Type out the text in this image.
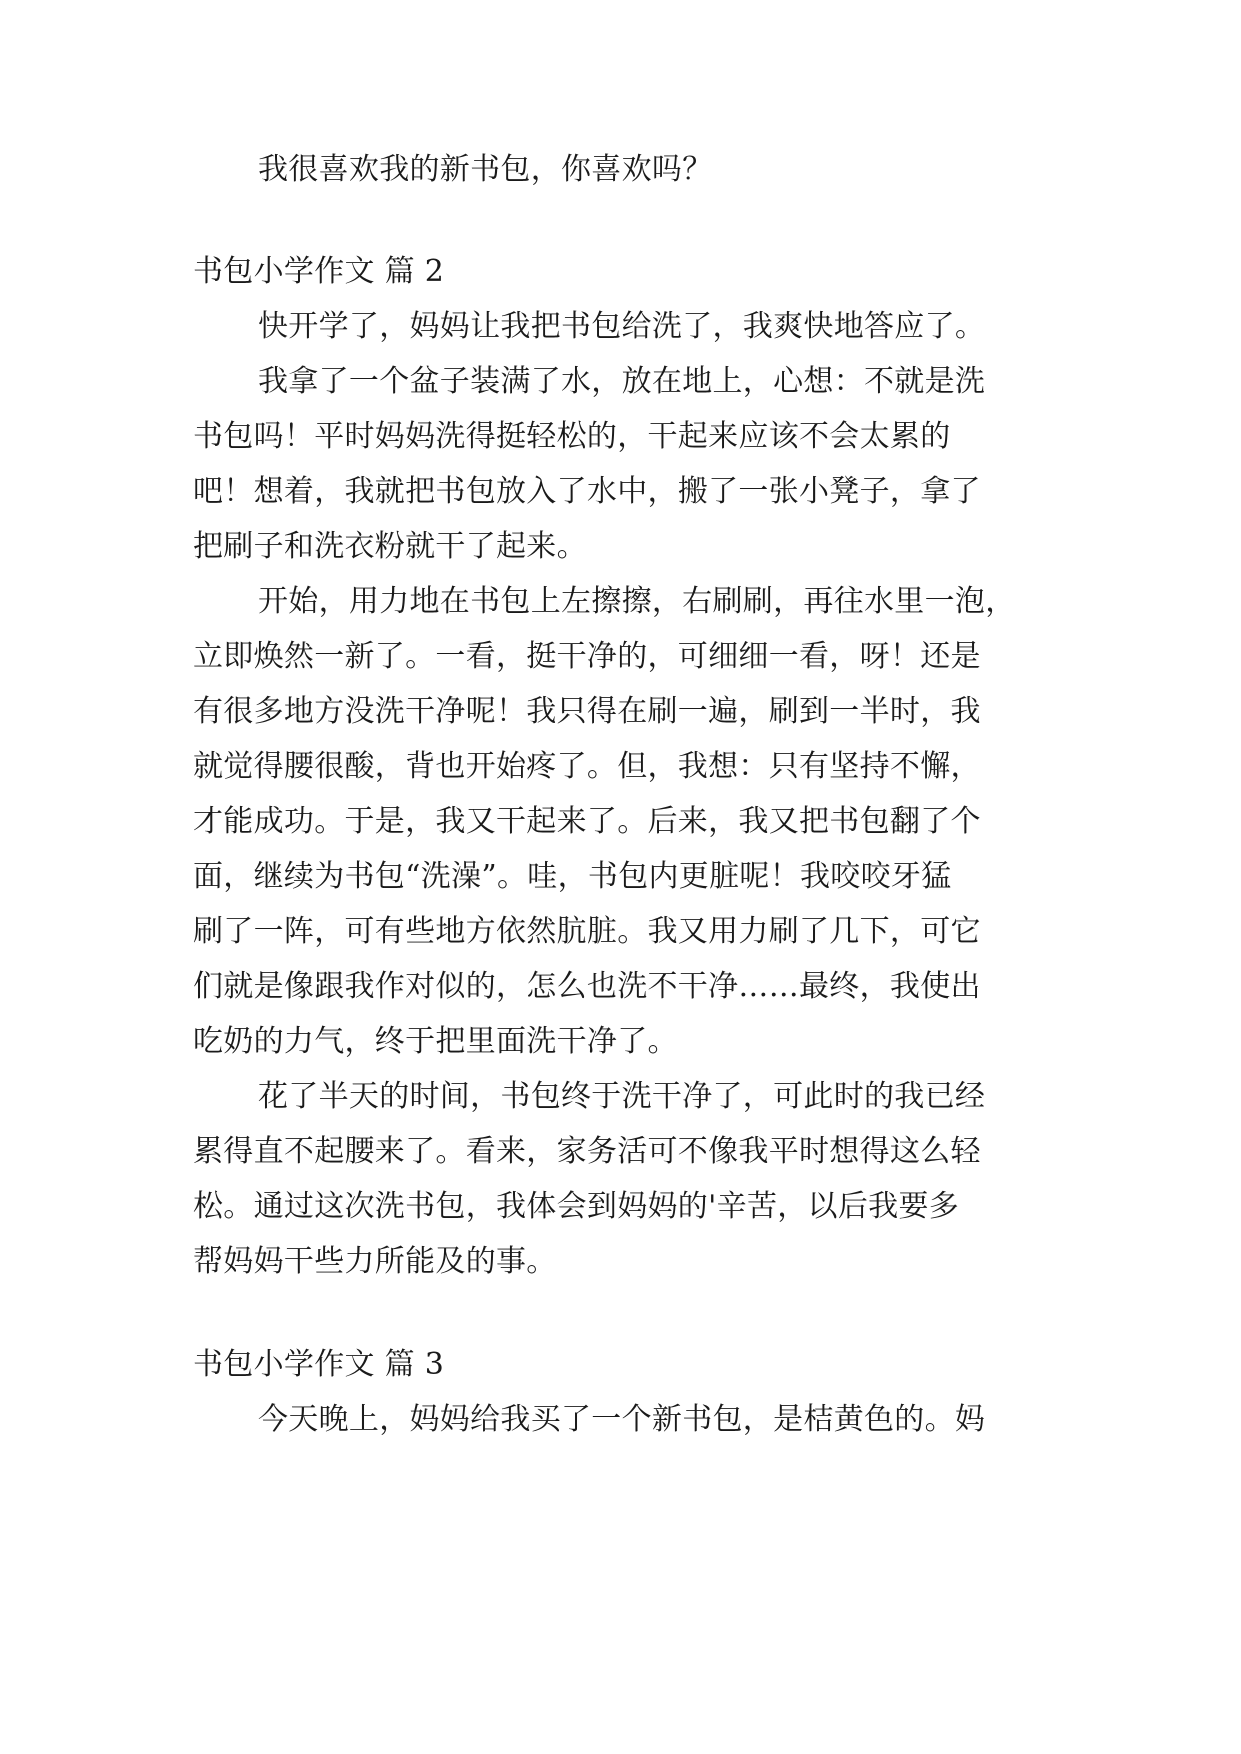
我很喜欢我的新书包，你喜欢吗？

书包小学作文 篇 2

快开学了，妈妈让我把书包给洗了，我爽快地答应了。

我拿了一个盆子装满了水，放在地上，心想：不就是洗

书包吗！平时妈妈洗得挺轻松的，干起来应该不会太累的

吧！想着，我就把书包放入了水中，搬了一张小凳子，拿了

把刷子和洗衣粉就干了起来。

开始，用力地在书包上左擦擦，右刷刷，再往水里一泡，

立即焕然一新了。一看，挺干净的，可细细一看，呀！还是

有很多地方没洗干净呢！我只得在刷一遍，刷到一半时，我

就觉得腰很酸，背也开始疼了。但，我想：只有坚持不懈，

才能成功。于是，我又干起来了。后来，我又把书包翻了个

面，继续为书包“洗澡”。哇，书包内更脏呢！我咬咬牙猛

刷了一阵，可有些地方依然肮脏。我又用力刷了几下，可它

们就是像跟我作对似的，怎么也洗不干净……最终，我使出

吃奶的力气，终于把里面洗干净了。

花了半天的时间，书包终于洗干净了，可此时的我已经

累得直不起腰来了。看来，家务活可不像我平时想得这么轻

松。通过这次洗书包，我体会到妈妈的'辛苦，以后我要多

帮妈妈干些力所能及的事。

书包小学作文 篇 3

今天晚上，妈妈给我买了一个新书包，是桔黄色的。妈
